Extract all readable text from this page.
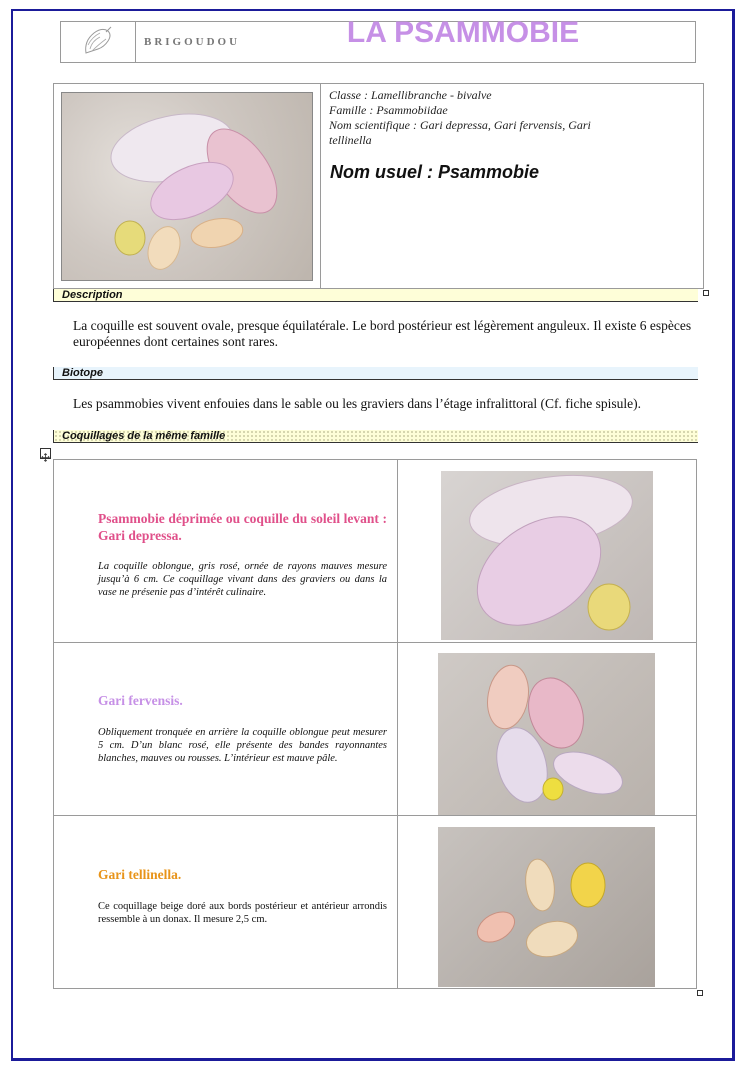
BRIGOUDOU	LA PSAMMOBIE
Classe : Lamellibranche - bivalve
Famille : Psammobiidae
Nom scientifique : Gari depressa, Gari fervensis, Gari tellinella
Nom usuel : Psammobie
Description
La coquille est souvent ovale, presque équilatérale. Le bord postérieur est légèrement anguleux. Il existe 6 espèces européennes dont certaines sont rares.
Biotope
Les psammobies vivent enfouies dans le sable ou les graviers dans l’étage infralittoral (Cf. fiche spisule).
Coquillages de la même famille
Psammobie déprimée ou coquille du soleil levant : Gari depressa.
La coquille oblongue, gris rosé, ornée de rayons mauves mesure jusqu’à 6 cm. Ce coquillage vivant dans des graviers ou dans la vase ne présenie pas d’intérêt culinaire.
Gari fervensis.
Obliquement tronquée en arrière la coquille oblongue peut mesurer 5 cm. D’un blanc rosé, elle présente des bandes rayonnantes blanches, mauves ou rousses. L’intérieur est mauve pâle.
Gari tellinella.
Ce coquillage beige doré aux bords postérieur et antérieur arrondis ressemble à un donax. Il mesure 2,5 cm.
